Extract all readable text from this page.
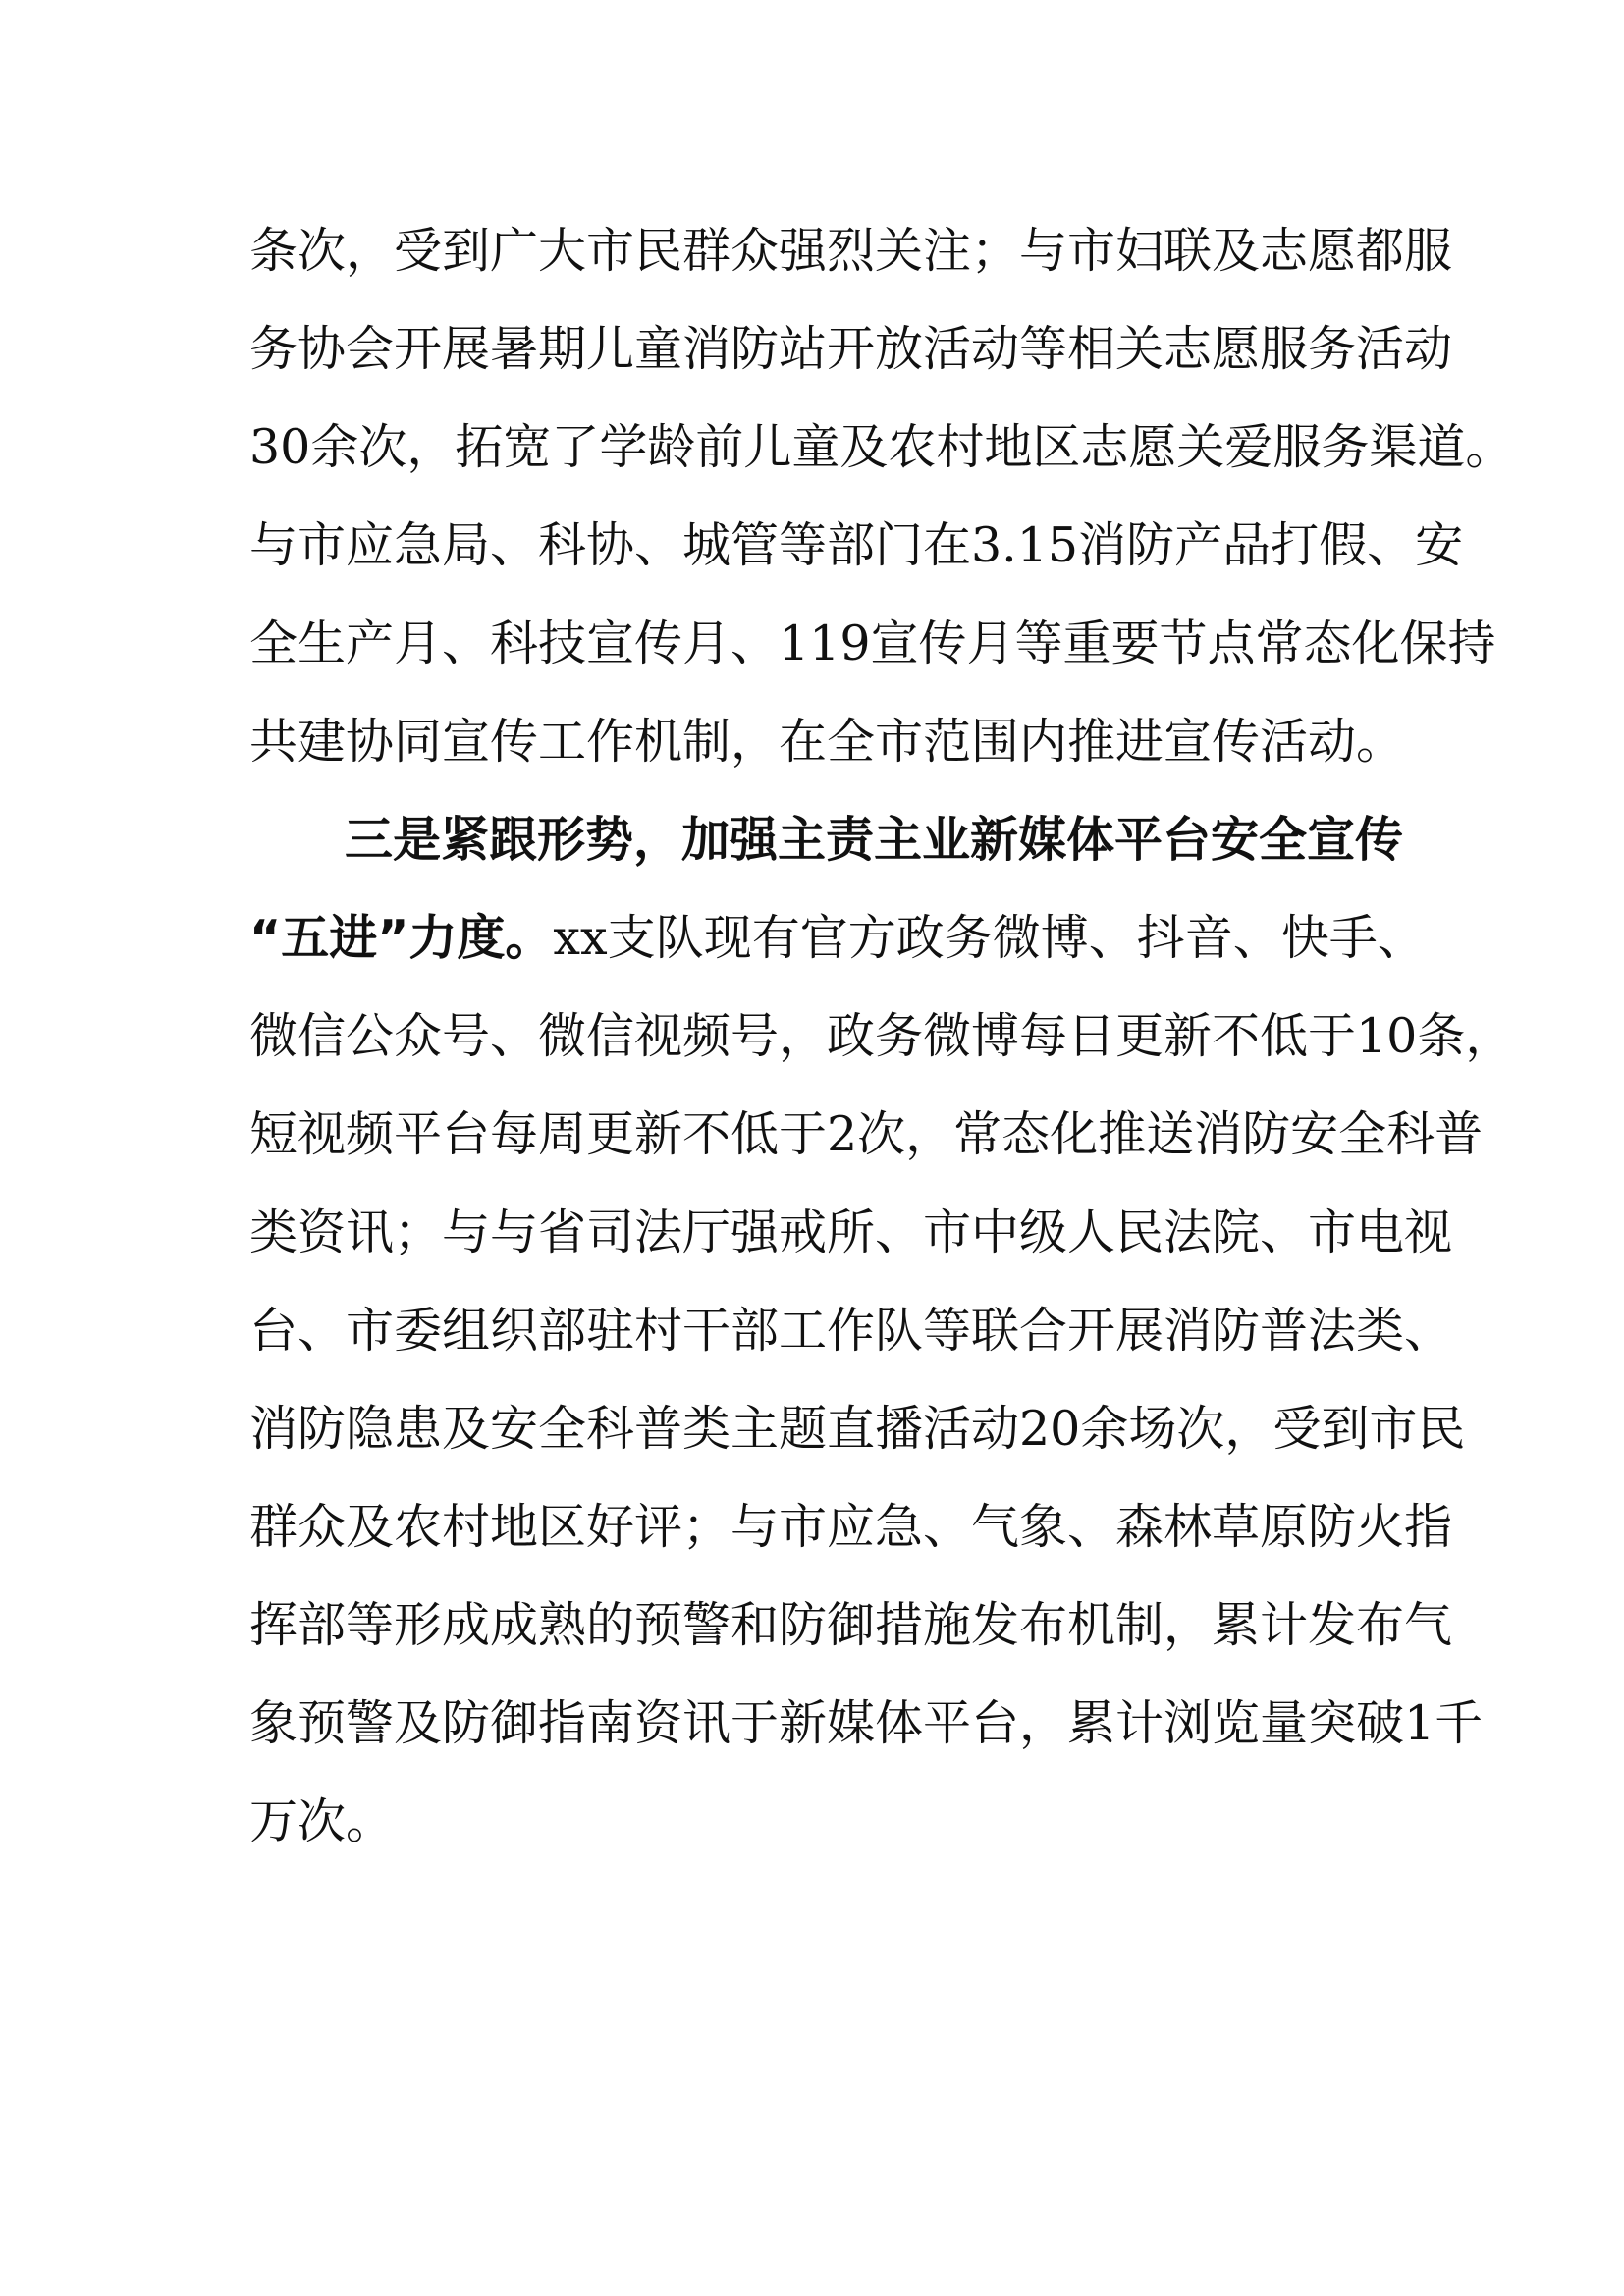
条次，受到广大市民群众强烈关注；与市妇联及志愿都服
务协会开展暑期儿童消防站开放活动等相关志愿服务活动
30余次，拓宽了学龄前儿童及农村地区志愿关爱服务渠道。
与市应急局、科协、城管等部门在3.15消防产品打假、安
全生产月、科技宣传月、119宣传月等重要节点常态化保持
共建协同宣传工作机制，在全市范围内推进宣传活动。
三是紧跟形势，加强主责主业新媒体平台安全宣传
“五进”力度。xx支队现有官方政务微博、抖音、快手、
微信公众号、微信视频号，政务微博每日更新不低于10条，
短视频平台每周更新不低于2次，常态化推送消防安全科普
类资讯；与与省司法厅强戒所、市中级人民法院、市电视
台、市委组织部驻村干部工作队等联合开展消防普法类、
消防隐患及安全科普类主题直播活动20余场次，受到市民
群众及农村地区好评；与市应急、气象、森林草原防火指
挥部等形成成熟的预警和防御措施发布机制，累计发布气
象预警及防御指南资讯于新媒体平台，累计浏览量突破1千
万次。
